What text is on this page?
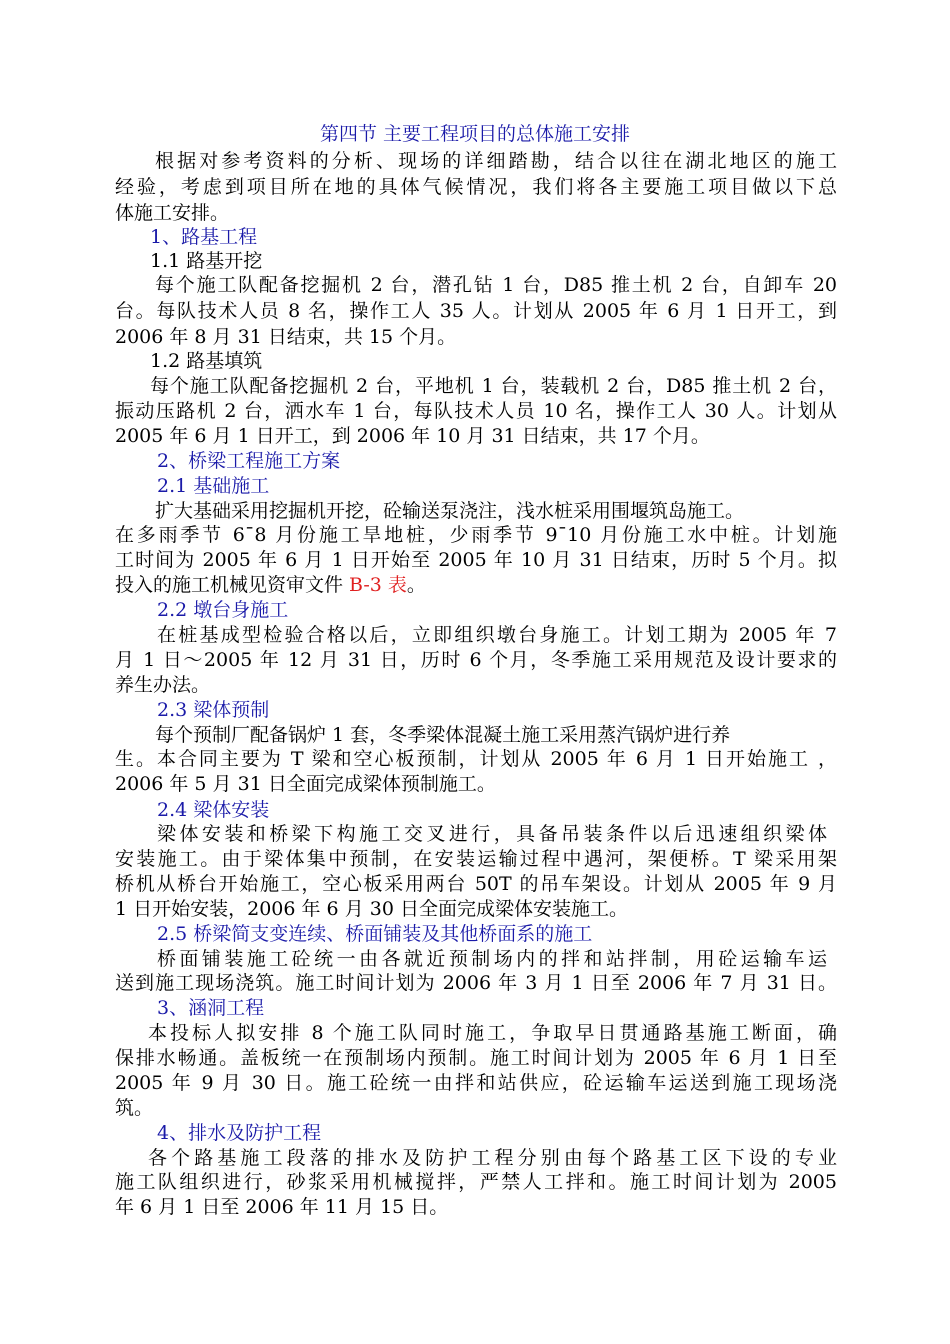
第四节 主要工程项目的总体施工安排
根据对参考资料的分析、现场的详细踏勘，结合以往在湖北地区的施工
经验，考虑到项目所在地的具体气候情况，我们将各主要施工项目做以下总
体施工安排。
1、路基工程
1.1 路基开挖
每个施工队配备挖掘机 2 台，潜孔钻 1 台，D85 推土机 2 台，自卸车 20
台。每队技术人员 8 名，操作工人 35 人。计划从 2005 年 6 月 1 日开工，到
2006 年 8 月 31 日结束，共 15 个月。
1.2 路基填筑
每个施工队配备挖掘机 2 台，平地机 1 台，装载机 2 台，D85 推土机 2 台，
振动压路机 2 台，洒水车 1 台，每队技术人员 10 名，操作工人 30 人。计划从
2005 年 6 月 1 日开工，到 2006 年 10 月 31 日结束，共 17 个月。
2、桥梁工程施工方案
2.1 基础施工
扩大基础采用挖掘机开挖，砼输送泵浇注，浅水桩采用围堰筑岛施工。
在多雨季节 6¯8 月份施工旱地桩，少雨季节 9¯10 月份施工水中桩。计划施
工时间为 2005 年 6 月 1 日开始至 2005 年 10 月 31 日结束，历时 5 个月。拟
投入的施工机械见资审文件 B-3 表。
2.2 墩台身施工
在桩基成型检验合格以后，立即组织墩台身施工。计划工期为 2005 年 7
月 1 日～2005 年 12 月 31 日，历时 6 个月，冬季施工采用规范及设计要求的
养生办法。
2.3 梁体预制
每个预制厂配备锅炉 1 套，冬季梁体混凝土施工采用蒸汽锅炉进行养
生。本合同主要为 T 梁和空心板预制，计划从 2005 年 6 月 1 日开始施工 ，
2006 年 5 月 31 日全面完成梁体预制施工。
2.4 梁体安装
梁体安装和桥梁下构施工交叉进行，具备吊装条件以后迅速组织梁体
安装施工。由于梁体集中预制，在安装运输过程中遇河，架便桥。T 梁采用架
桥机从桥台开始施工，空心板采用两台 50T 的吊车架设。计划从 2005 年 9 月
1 日开始安装，2006 年 6 月 30 日全面完成梁体安装施工。
2.5 桥梁简支变连续、桥面铺装及其他桥面系的施工
桥面铺装施工砼统一由各就近预制场内的拌和站拌制，用砼运输车运
送到施工现场浇筑。施工时间计划为 2006 年 3 月 1 日至 2006 年 7 月 31 日。
3、涵洞工程
本投标人拟安排 8 个施工队同时施工，争取早日贯通路基施工断面，确
保排水畅通。盖板统一在预制场内预制。施工时间计划为 2005 年 6 月 1 日至
2005 年 9 月 30 日。施工砼统一由拌和站供应，砼运输车运送到施工现场浇
筑。
4、排水及防护工程
各个路基施工段落的排水及防护工程分别由每个路基工区下设的专业
施工队组织进行，砂浆采用机械搅拌，严禁人工拌和。施工时间计划为 2005
年 6 月 1 日至 2006 年 11 月 15 日。
